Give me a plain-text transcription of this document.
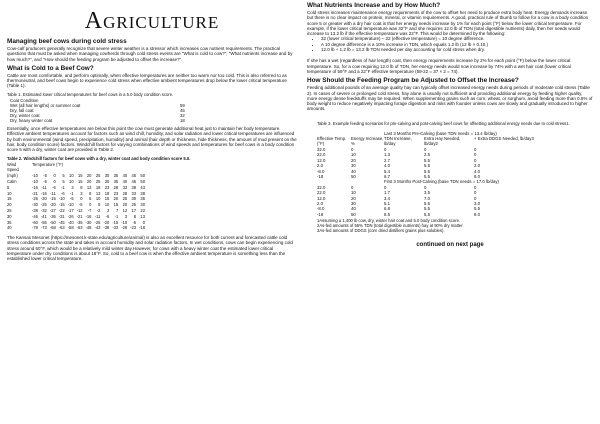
Agriculture
Managing beef cows during cold stress

Cow-calf producers generally recognize that severe winter weather is a stressor which increases cow nutrient requirements. The practical questions that must be asked when managing cowherds through cold stress events are "What is cold to cow?", "What nutrients increase and by how much?", and "How should the feeding program be adjusted to offset the increase?".

What is Cold to a Beef Cow?

Cattle are most comfortable, and perform optimally, when effective temperatures are neither too warm nor too cold. This is also referred to as thermoneutral, and beef cows begin to experience cold stress when effective ambient temperatures drop below the lower critical temperature (Table 1).

Table 1. Estimated lower critical temperatures for beef cows in a 5.0 body condition score.

Coat Condition	
Wet (all hair lengths) or summer coat	59
Dry, fall coat	45
Dry, winter coat	32
Dry, heavy winter coat	18

Essentially, once effective temperatures are below this point the cow must generate additional heat just to maintain her body temperature. Effective ambient temperatures account for factors such as wind chill, humidity, and solar radiation and lower critical temperatures are influenced by both environmental (wind speed, precipitation, humidity) and animal (hair depth or thickness, hide thickness, the amount of mud present on the hair, body condition score) factors. Windchill factors for varying combinations of wind speeds and temperatures for beef cows in a body condition score 5 with a dry, winter coat are provided in Table 2.

Table 2. Windchill factors for beef cows with a dry, winter coat and body condition score 5.0.

Wind	Temperature (°F)												
Speed													
(mph)	-10	-5	0	5	10	15	20	25	30	35	40	45	50
Calm	-10	-5	0	5	10	15	20	25	30	35	40	45	50
5	-16	-11	-6	-1	3	8	13	18	23	28	33	38	43
10	-21	-16	-11	-6	-1	3	8	13	18	23	28	33	38
15	-25	-20	-15	-10	-5	0	5	10	15	20	25	30	35
20	-30	-25	-20	-15	-10	-5	0	5	10	15	20	25	30
25	-38	-32	-27	-22	-17	-12	-7	-2	2	7	12	17	22
30	-46	-41	-36	-31	-26	-21	-16	-11	-6	-1	3	8	13
35	-60	-55	-50	-45	-40	-35	-30	-25	-20	-15	-10	-5	0
40	-78	-73	-68	-63	-58	-53	-48	-43	-38	-33	-28	-23	-18

The Kansas Mesonet (https://mesonet.k-state.edu/agriculture/animal) is also an excellent resource for both current and forecasted cattle cold stress conditions across the state and takes in account humidity and solar radiation factors. In wet conditions, cows can begin experiencing cold stress around 60°F, which would be a relatively mild winter day.However, for cows with a heavy winter coat the estimated lower critical temperature under dry conditions is about 18°F. So, cold to a beef cow is when the effective ambient temperature is something less than the established lower critical temperature.

What Nutrients Increase and by How Much?

Cold stress increases maintenance energy requirements of the cow to offset her need to produce extra body heat. Energy demands increase but there is no clear impact on protein, mineral, or vitamin requirements. A good, practical rule of thumb to follow for a cow in a body condition score 5 or greater with a dry hair coat is that her energy needs increase by 1% for each point (°F) below the lower critical temperature. For example, if the lower critical temperature was 32°F and she requires 12.0 lb of TDN (total digestible nutrients) daily, then her needs would increase to 13.2 lb if the effective temperature was 22°F. This would be determined by the following:

• 32 (lower critical temperature) – 22 (effective temperature) = 10 degree difference.
• A 10 degree difference is a 10% increase in TDN, which equals 1.2 lb (12 lb × 0.10.)
• 12.0 lb + 1.2 lb = 13.2 lb TDN needed per day accounting for cold stress when dry.

If she has a wet (regardless of hair length) coat, then energy requirements increase by 2% for each point (°F) below the lower critical temperature. So, for a cow requiring 12.0 lb of TDN, her energy needs would now increase by 74% with a wet hair coat (lower critical temperature of 59°F and a 22°F effective temperature (59-22 = 37 × 2 = 74).

How Should the Feeding Program be Adjusted to Offset the Increase?

Feeding additional pounds of an average quality hay can typically offset increased energy needs during periods of moderate cold stress (Table 3). In cases of severe or prolonged cold stress, hay alone is usually not sufficient and providing additional energy by feeding higher quality, more energy dense feedstuffs may be required. When supplementing grains such as corn, wheat, or sorghum, avoid feeding more than 0.5% of body weight to reduce negatively impacting forage digestion and risks with founder unless cows are slowly and gradually introduced to higher amounts.

Table 3. Example feeding scenarios for pre-calving and post-calving beef cows for offsetting additional energy needs due to cold stress1.

		Last 3 Months Pre-Calving (base TDN needs = 13.4 lb/day)		
Effective Temp. (°F)	Energy Increase, %	TDN Increase, lb/day	Extra Hay Needed, lb/day2	+ Extra DDGS Needed, lb/day3
32.0	0	0	0	0
22.0	10	1.3	2.5	0
12.0	20	2.7	5.5	0
2.0	30	4.0	5.5	2.0
-8.0	40	5.4	5.5	4.0
-18	50	6.7	5.5	6.0
		First 3 Months Post-Calving (base TDN needs = 17.0 lb/day)		
32.0	0	0	0	0
22.0	10	1.7	3.5	0
12.0	20	3.4	7.0	0
2.0	30	5.1	5.5	3.0
-8.0	40	6.8	5.5	5.5
-18	50	8.5	5.5	8.0

1Assuming a 1,400 lb cow, dry, winter hair coat and 5.0 body condition score.

2As-fed amounts of 56% TDN (total digestible nutrients) hay at 90% dry matter.

3As-fed amounts of DDGS (corn dried distillers grains plus solubles).

continued on next page
